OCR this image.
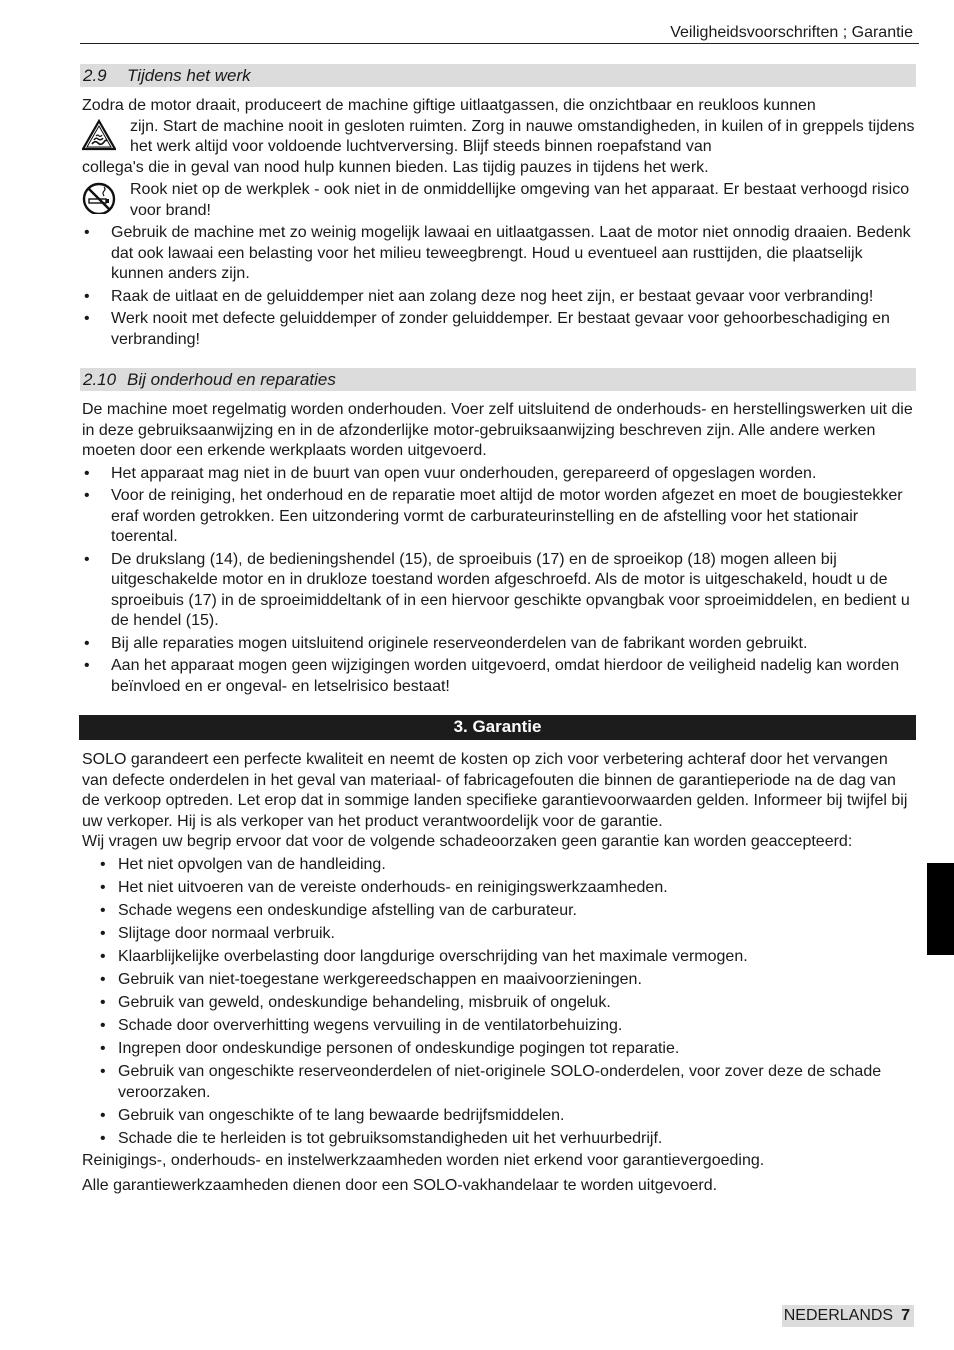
Veiligheidsvoorschriften ; Garantie
2.9 Tijdens het werk

Zodra de motor draait, produceert de machine giftige uitlaatgassen, die onzichtbaar en reukloos kunnen

zijn. Start de machine nooit in gesloten ruimten. Zorg in nauwe omstandigheden, in kuilen of in greppels tijdens het werk altijd voor voldoende luchtverversing. Blijf steeds binnen roepafstand van

collega's die in geval van nood hulp kunnen bieden. Las tijdig pauzes in tijdens het werk.

Rook niet op de werkplek - ook niet in de onmiddellijke omgeving van het apparaat. Er bestaat verhoogd risico voor brand!

• Gebruik de machine met zo weinig mogelijk lawaai en uitlaatgassen. Laat de motor niet onnodig draaien. Bedenk dat ook lawaai een belasting voor het milieu teweegbrengt. Houd u eventueel aan rusttijden, die plaatselijk kunnen anders zijn.
• Raak de uitlaat en de geluiddemper niet aan zolang deze nog heet zijn, er bestaat gevaar voor verbranding!
• Werk nooit met defecte geluiddemper of zonder geluiddemper. Er bestaat gevaar voor gehoorbeschadiging en verbranding!
2.10 Bij onderhoud en reparaties

De machine moet regelmatig worden onderhouden. Voer zelf uitsluitend de onderhouds- en herstellingswerken uit die in deze gebruiksaanwijzing en in de afzonderlijke motor-gebruiksaanwijzing beschreven zijn. Alle andere werken moeten door een erkende werkplaats worden uitgevoerd.

• Het apparaat mag niet in de buurt van open vuur onderhouden, gerepareerd of opgeslagen worden.
• Voor de reiniging, het onderhoud en de reparatie moet altijd de motor worden afgezet en moet de bougiestekker eraf worden getrokken. Een uitzondering vormt de carburateurinstelling en de afstelling voor het stationair toerental.
• De drukslang (14), de bedieningshendel (15), de sproeibuis (17) en de sproeikop (18) mogen alleen bij uitgeschakelde motor en in drukloze toestand worden afgeschroefd. Als de motor is uitgeschakeld, houdt u de sproeibuis (17) in de sproeimiddeltank of in een hiervoor geschikte opvangbak voor sproeimiddelen, en bedient u de hendel (15).
• Bij alle reparaties mogen uitsluitend originele reserveonderdelen van de fabrikant worden gebruikt.
• Aan het apparaat mogen geen wijzigingen worden uitgevoerd, omdat hierdoor de veiligheid nadelig kan worden beïnvloed en er ongeval- en letselrisico bestaat!
3. Garantie

SOLO garandeert een perfecte kwaliteit en neemt de kosten op zich voor verbetering achteraf door het vervangen van defecte onderdelen in het geval van materiaal- of fabricagefouten die binnen de garantieperiode na de dag van de verkoop optreden. Let erop dat in sommige landen specifieke garantievoorwaarden gelden. Informeer bij twijfel bij uw verkoper. Hij is als verkoper van het product verantwoordelijk voor de garantie.

Wij vragen uw begrip ervoor dat voor de volgende schadeoorzaken geen garantie kan worden geaccepteerd:

• Het niet opvolgen van de handleiding.
• Het niet uitvoeren van de vereiste onderhouds- en reinigingswerkzaamheden.
• Schade wegens een ondeskundige afstelling van de carburateur.
• Slijtage door normaal verbruik.
• Klaarblijkelijke overbelasting door langdurige overschrijding van het maximale vermogen.
• Gebruik van niet-toegestane werkgereedschappen en maaivoorzieningen.
• Gebruik van geweld, ondeskundige behandeling, misbruik of ongeluk.
• Schade door oververhitting wegens vervuiling in de ventilatorbehuizing.
• Ingrepen door ondeskundige personen of ondeskundige pogingen tot reparatie.
• Gebruik van ongeschikte reserveonderdelen of niet-originele SOLO-onderdelen, voor zover deze de schade veroorzaken.
• Gebruik van ongeschikte of te lang bewaarde bedrijfsmiddelen.
• Schade die te herleiden is tot gebruiksomstandigheden uit het verhuurbedrijf.

Reinigings-, onderhouds- en instelwerkzaamheden worden niet erkend voor garantievergoeding.

Alle garantiewerkzaamheden dienen door een SOLO-vakhandelaar te worden uitgevoerd.

NEDERLANDS 7
